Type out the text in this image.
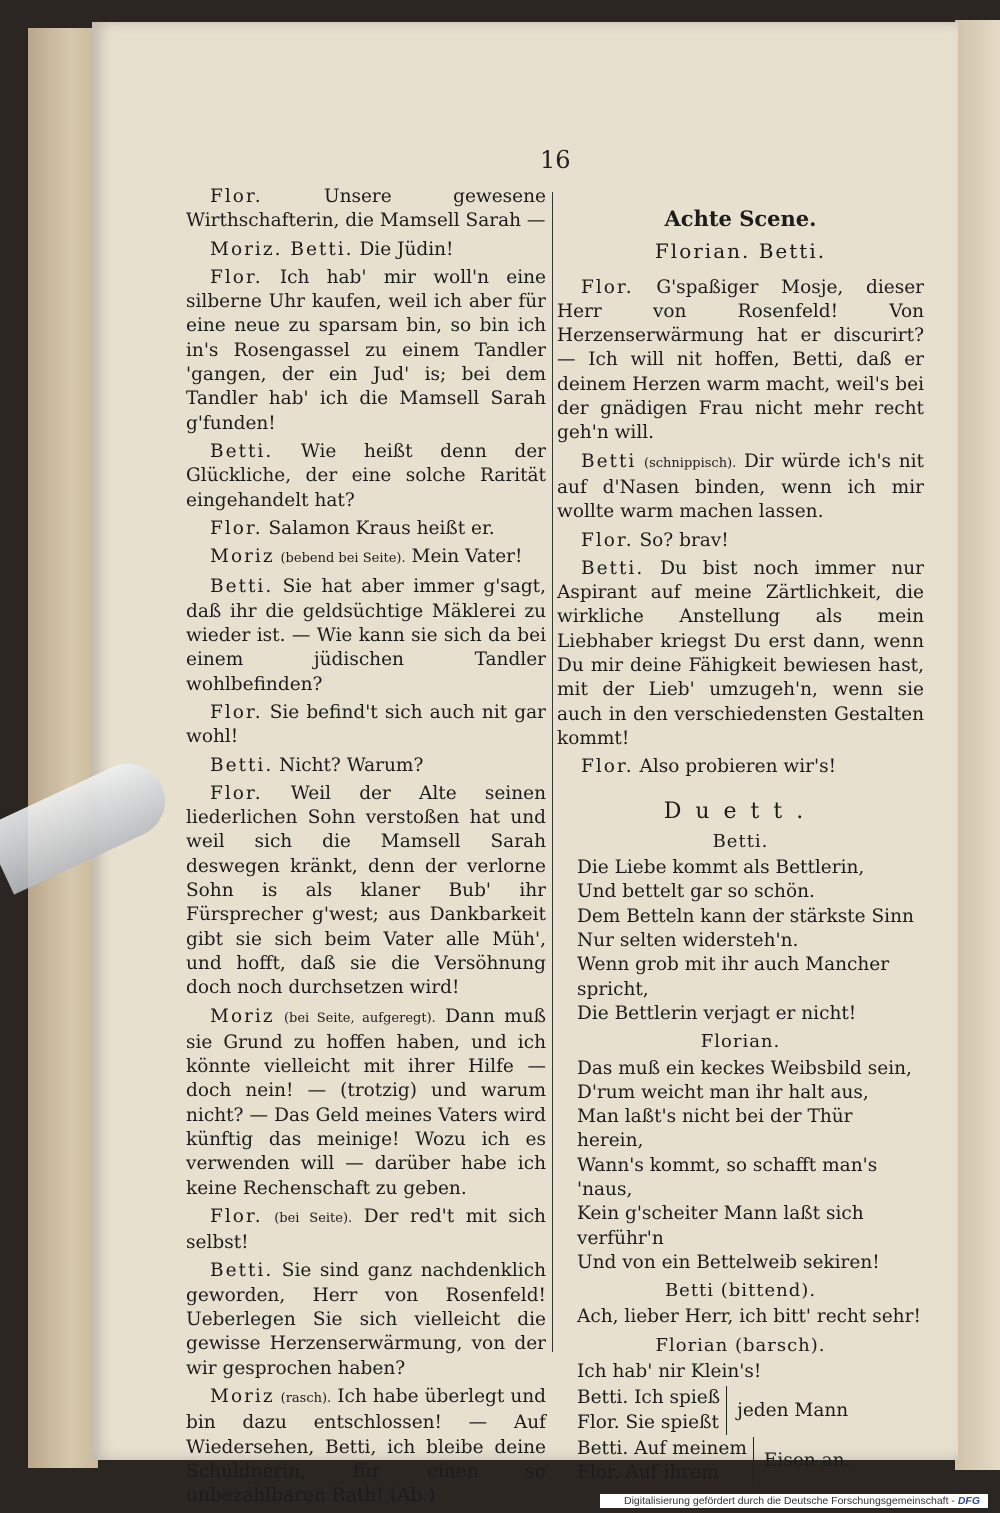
16

Flor.	Unsere gewesene Wirthschafterin, die Mamsell Sarah —

Moriz. Betti. Die Jüdin!

Flor. Ich hab' mir woll'n eine silberne Uhr kaufen, weil ich aber für eine neue zu sparsam bin, so bin ich in's Rosengassel zu einem Tandler 'gangen, der ein Jud' is; bei dem Tandler hab' ich die Mamsell Sarah g'funden!

Betti. Wie heißt denn der Glückliche, der eine solche Rarität eingehandelt hat?

Flor. Salamon Kraus heißt er.

Moriz (bebend bei Seite). Mein Vater!

Betti. Sie hat aber immer g'sagt, daß ihr die geldsüchtige Mäklerei zu wieder ist. — Wie kann sie sich da bei einem jüdischen Tandler wohlbefinden?

Flor. Sie befind't sich auch nit gar wohl!

Betti. Nicht? Warum?

Flor. Weil der Alte seinen liederlichen Sohn verstoßen hat und weil sich die Mamsell Sarah deswegen kränkt, denn der verlorne Sohn is als klaner Bub' ihr Fürsprecher g'west; aus Dankbarkeit gibt sie sich beim Vater alle Müh', und hofft, daß sie die Versöhnung doch noch durchsetzen wird!

Moriz (bei Seite, aufgeregt). Dann muß sie Grund zu hoffen haben, und ich könnte vielleicht mit ihrer Hilfe — doch nein! — (trotzig) und warum nicht? — Das Geld meines Vaters wird künftig das meinige! Wozu ich es verwenden will — darüber habe ich keine Rechenschaft zu geben.

Flor. (bei Seite). Der red't mit sich selbst!

Betti. Sie sind ganz nachdenklich geworden, Herr von Rosenfeld! Ueberlegen Sie sich vielleicht die gewisse Herzenserwärmung, von der wir gesprochen haben?

Moriz (rasch). Ich habe überlegt und bin dazu entschlossen! — Auf Wiedersehen, Betti, ich bleibe deine Schuldnerin, für einen so unbezahlbaren Rath! (Ab.)

Achte Scene.
Florian. Betti.

Flor. G'spaßiger Mosje, dieser Herr von Rosenfeld! Von Herzenserwärmung hat er discurirt? — Ich will nit hoffen, Betti, daß er deinem Herzen warm macht, weil's bei der gnädigen Frau nicht mehr recht geh'n will.

Betti (schnippisch). Dir würde ich's nit auf d'Nasen binden, wenn ich mir wollte warm machen lassen.

Flor. So? brav!

Betti. Du bist noch immer nur Aspirant auf meine Zärtlichkeit, die wirkliche Anstellung als mein Liebhaber kriegst Du erst dann, wenn Du mir deine Fähigkeit bewiesen hast, mit der Lieb' umzugeh'n, wenn sie auch in den verschiedensten Gestalten kommt!

Flor. Also probieren wir's!

Duett.
Betti.
Die Liebe kommt als Bettlerin,
Und bettelt gar so schön.
Dem Betteln kann der stärkste Sinn
Nur selten widersteh'n.
Wenn grob mit ihr auch Mancher spricht,
Die Bettlerin verjagt er nicht!
Florian.
Das muß ein keckes Weibsbild sein,
D'rum weicht man ihr halt aus,
Man laßt's nicht bei der Thür herein,
Wann's kommt, so schafft man's 'naus,
Kein g'scheiter Mann laßt sich verführ'n
Und von ein Bettelweib sekiren!
Betti (bittend).
Ach, lieber Herr, ich bitt' recht sehr!
Florian (barsch).
Ich hab' nir Klein's!
Betti. Ich spieß
Flor. Sie spießt
jeden Mann
Betti. Auf meinem
Flor. Auf ihrem
Eisen an.
Digitalisierung gefördert durch die Deutsche Forschungsgemeinschaft - DFG
